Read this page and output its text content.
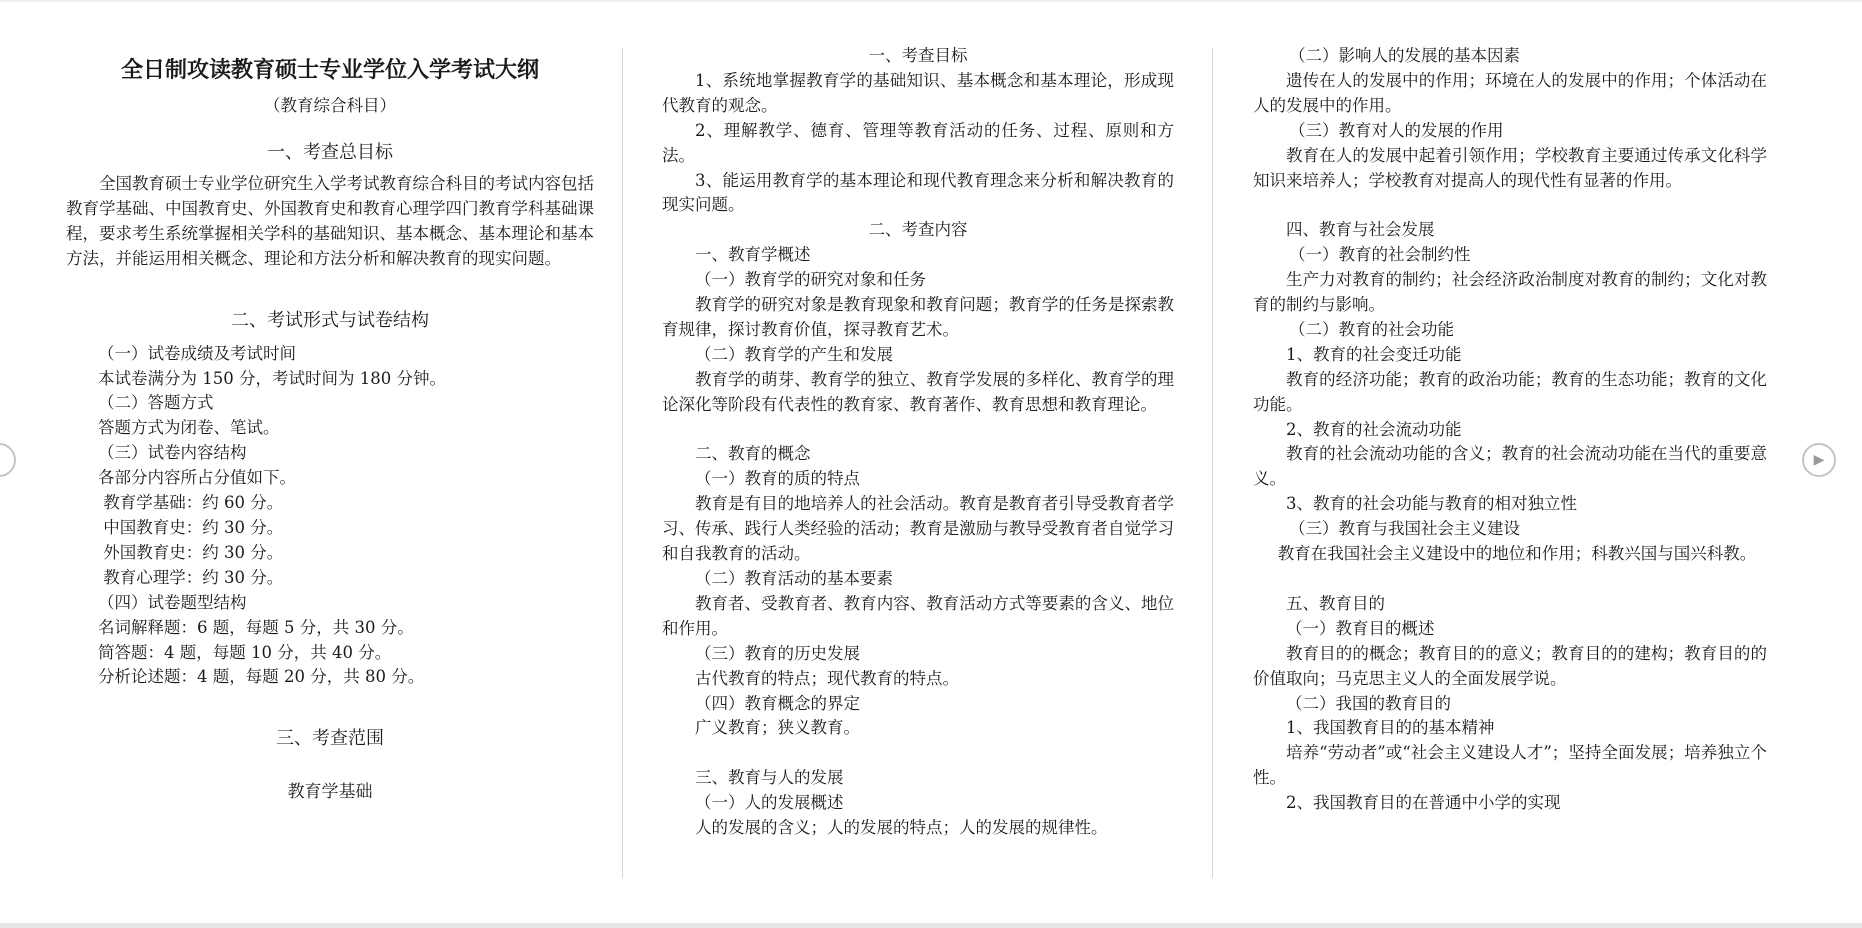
全日制攻读教育硕士专业学位入学考试大纲
（教育综合科目）
一、考查总目标
全国教育硕士专业学位研究生入学考试教育综合科目的考试内容包括教育学基础、中国教育史、外国教育史和教育心理学四门教育学科基础课程，要求考生系统掌握相关学科的基础知识、基本概念、基本理论和基本方法，并能运用相关概念、理论和方法分析和解决教育的现实问题。
二、考试形式与试卷结构
（一）试卷成绩及考试时间
本试卷满分为 150 分，考试时间为 180 分钟。
（二）答题方式
答题方式为闭卷、笔试。
（三）试卷内容结构
各部分内容所占分值如下。
教育学基础：约 60 分。
中国教育史：约 30 分。
外国教育史：约 30 分。
教育心理学：约 30 分。
（四）试卷题型结构
名词解释题：6 题，每题 5 分，共 30 分。
简答题：4 题，每题 10 分，共 40 分。
分析论述题：4 题，每题 20 分，共 80 分。
三、考查范围
教育学基础
一、考查目标
1、系统地掌握教育学的基础知识、基本概念和基本理论，形成现代教育的观念。
2、理解教学、德育、管理等教育活动的任务、过程、原则和方法。
3、能运用教育学的基本理论和现代教育理念来分析和解决教育的现实问题。
二、考查内容
一、教育学概述
（一）教育学的研究对象和任务
教育学的研究对象是教育现象和教育问题；教育学的任务是探索教育规律，探讨教育价值，探寻教育艺术。
（二）教育学的产生和发展
教育学的萌芽、教育学的独立、教育学发展的多样化、教育学的理论深化等阶段有代表性的教育家、教育著作、教育思想和教育理论。
二、教育的概念
（一）教育的质的特点
教育是有目的地培养人的社会活动。教育是教育者引导受教育者学习、传承、践行人类经验的活动；教育是激励与教导受教育者自觉学习和自我教育的活动。
（二）教育活动的基本要素
教育者、受教育者、教育内容、教育活动方式等要素的含义、地位和作用。
（三）教育的历史发展
古代教育的特点；现代教育的特点。
（四）教育概念的界定
广义教育；狭义教育。
三、教育与人的发展
（一）人的发展概述
人的发展的含义；人的发展的特点；人的发展的规律性。
（二）影响人的发展的基本因素
遗传在人的发展中的作用；环境在人的发展中的作用；个体活动在人的发展中的作用。
（三）教育对人的发展的作用
教育在人的发展中起着引领作用；学校教育主要通过传承文化科学知识来培养人；学校教育对提高人的现代性有显著的作用。
四、教育与社会发展
（一）教育的社会制约性
生产力对教育的制约；社会经济政治制度对教育的制约；文化对教育的制约与影响。
（二）教育的社会功能
1、教育的社会变迁功能
教育的经济功能；教育的政治功能；教育的生态功能；教育的文化功能。
2、教育的社会流动功能
教育的社会流动功能的含义；教育的社会流动功能在当代的重要意义。
3、教育的社会功能与教育的相对独立性
（三）教育与我国社会主义建设
教育在我国社会主义建设中的地位和作用；科教兴国与国兴科教。
五、教育目的
（一）教育目的概述
教育目的的概念；教育目的的意义；教育目的的建构；教育目的的价值取向；马克思主义人的全面发展学说。
（二）我国的教育目的
1、我国教育目的的基本精神
培养“劳动者”或“社会主义建设人才”；坚持全面发展；培养独立个性。
2、我国教育目的在普通中小学的实现
▶
